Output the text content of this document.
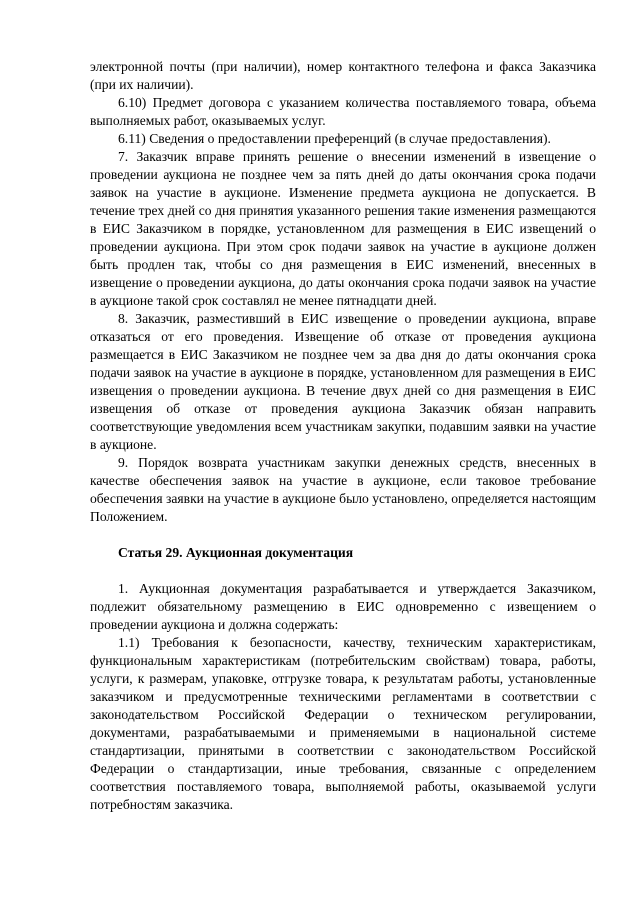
электронной почты (при наличии), номер контактного телефона и факса Заказчика (при их наличии).

6.10) Предмет договора с указанием количества поставляемого товара, объема выполняемых работ, оказываемых услуг.

6.11) Сведения о предоставлении преференций (в случае предоставления).

7. Заказчик вправе принять решение о внесении изменений в извещение о проведении аукциона не позднее чем за пять дней до даты окончания срока подачи заявок на участие в аукционе. Изменение предмета аукциона не допускается. В течение трех дней со дня принятия указанного решения такие изменения размещаются в ЕИС Заказчиком в порядке, установленном для размещения в ЕИС извещений о проведении аукциона. При этом срок подачи заявок на участие в аукционе должен быть продлен так, чтобы со дня размещения в ЕИС изменений, внесенных в извещение о проведении аукциона, до даты окончания срока подачи заявок на участие в аукционе такой срок составлял не менее пятнадцати дней.

8. Заказчик, разместивший в ЕИС извещение о проведении аукциона, вправе отказаться от его проведения. Извещение об отказе от проведения аукциона размещается в ЕИС Заказчиком не позднее чем за два дня до даты окончания срока подачи заявок на участие в аукционе в порядке, установленном для размещения в ЕИС извещения о проведении аукциона. В течение двух дней со дня размещения в ЕИС извещения об отказе от проведения аукциона Заказчик обязан направить соответствующие уведомления всем участникам закупки, подавшим заявки на участие в аукционе.

9. Порядок возврата участникам закупки денежных средств, внесенных в качестве обеспечения заявок на участие в аукционе, если таковое требование обеспечения заявки на участие в аукционе было установлено, определяется настоящим Положением.

Статья 29. Аукционная документация

1. Аукционная документация разрабатывается и утверждается Заказчиком, подлежит обязательному размещению в ЕИС одновременно с извещением о проведении аукциона и должна содержать:

1.1) Требования к безопасности, качеству, техническим характеристикам, функциональным характеристикам (потребительским свойствам) товара, работы, услуги, к размерам, упаковке, отгрузке товара, к результатам работы, установленные заказчиком и предусмотренные техническими регламентами в соответствии с законодательством Российской Федерации о техническом регулировании, документами, разрабатываемыми и применяемыми в национальной системе стандартизации, принятыми в соответствии с законодательством Российской Федерации о стандартизации, иные требования, связанные с определением соответствия поставляемого товара, выполняемой работы, оказываемой услуги потребностям заказчика.
